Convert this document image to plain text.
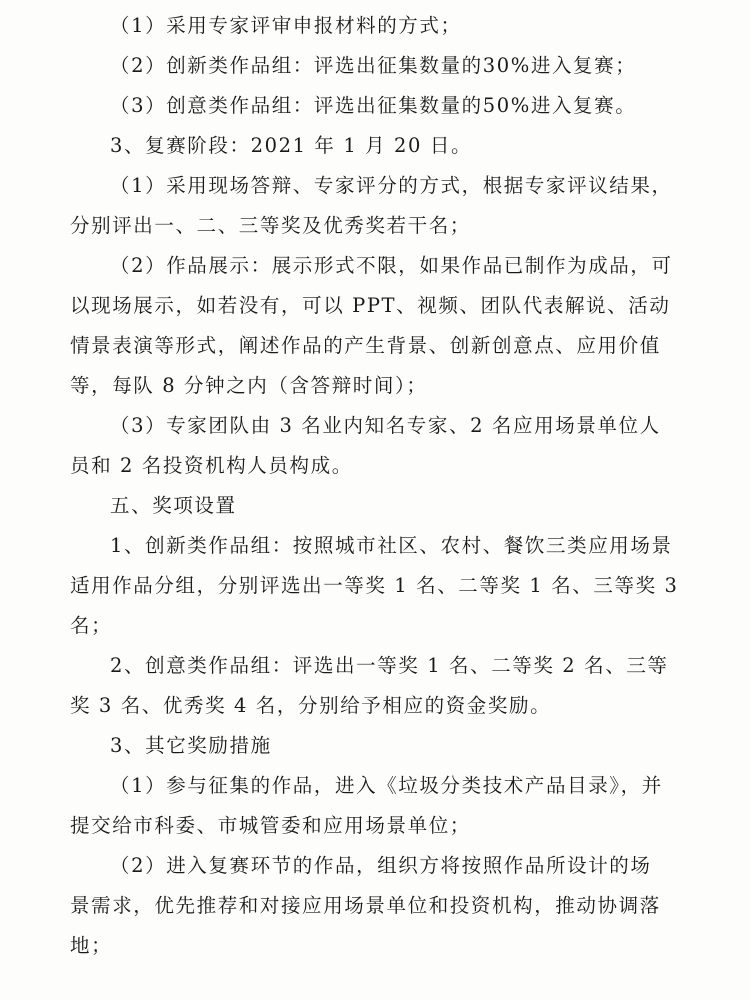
（1）采用专家评审申报材料的方式；
（2）创新类作品组：评选出征集数量的30%进入复赛；
（3）创意类作品组：评选出征集数量的50%进入复赛。
3、复赛阶段：2021 年 1 月 20 日。
（1）采用现场答辩、专家评分的方式，根据专家评议结果，
分别评出一、二、三等奖及优秀奖若干名；
（2）作品展示：展示形式不限，如果作品已制作为成品，可
以现场展示，如若没有，可以 PPT、视频、团队代表解说、活动
情景表演等形式，阐述作品的产生背景、创新创意点、应用价值
等，每队 8 分钟之内（含答辩时间）；
（3）专家团队由 3 名业内知名专家、2 名应用场景单位人
员和 2 名投资机构人员构成。
五、奖项设置
1、创新类作品组：按照城市社区、农村、餐饮三类应用场景
适用作品分组，分别评选出一等奖 1 名、二等奖 1 名、三等奖 3
名；
2、创意类作品组：评选出一等奖 1 名、二等奖 2 名、三等
奖 3 名、优秀奖 4 名，分别给予相应的资金奖励。
3、其它奖励措施
（1）参与征集的作品，进入《垃圾分类技术产品目录》，并
提交给市科委、市城管委和应用场景单位；
（2）进入复赛环节的作品，组织方将按照作品所设计的场
景需求，优先推荐和对接应用场景单位和投资机构，推动协调落
地；
